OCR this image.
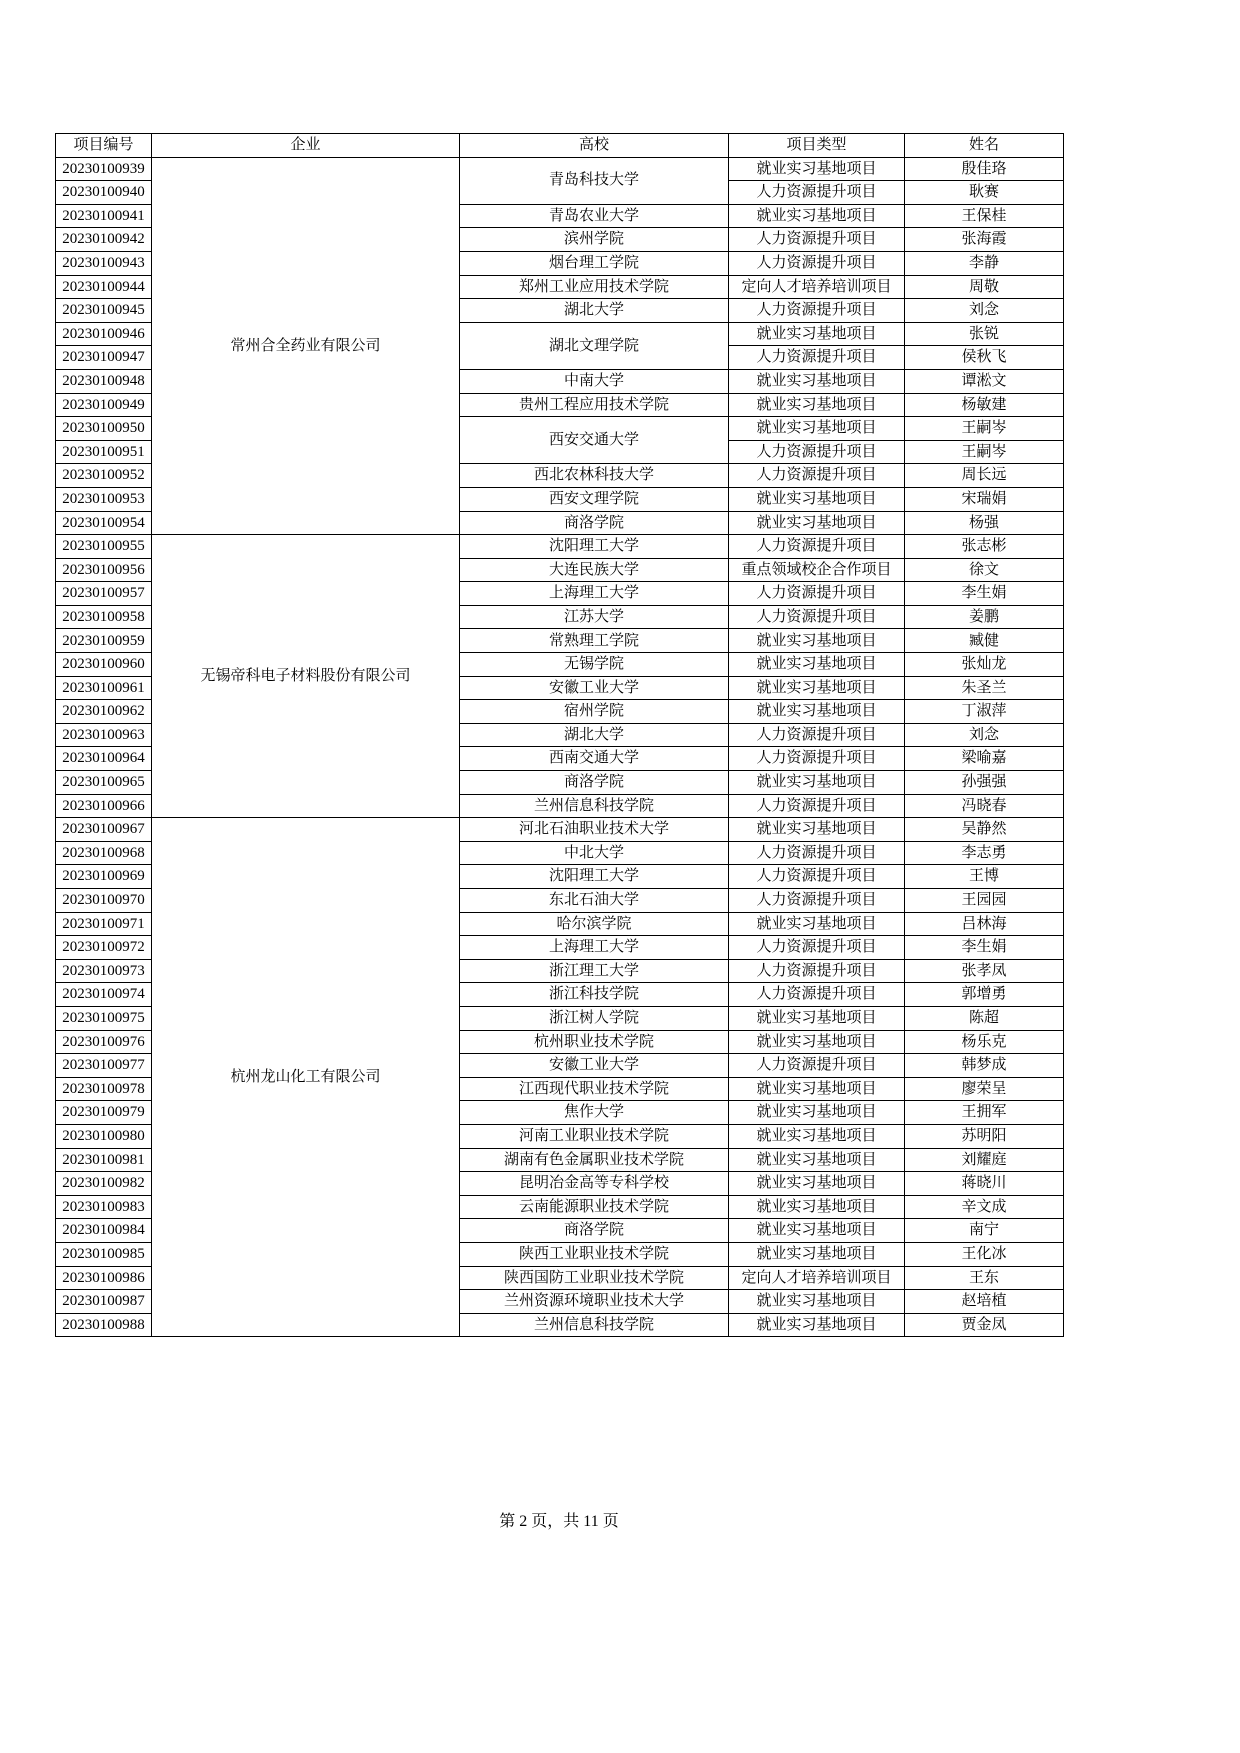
项目编号	企业	高校	项目类型	姓名
20230100939	常州合全药业有限公司	青岛科技大学	就业实习基地项目	殷佳珞
20230100940			人力资源提升项目	耿赛
20230100941		青岛农业大学	就业实习基地项目	王保桂
20230100942		滨州学院	人力资源提升项目	张海霞
20230100943		烟台理工学院	人力资源提升项目	李静
20230100944		郑州工业应用技术学院	定向人才培养培训项目	周敬
20230100945		湖北大学	人力资源提升项目	刘念
20230100946		湖北文理学院	就业实习基地项目	张锐
20230100947			人力资源提升项目	侯秋飞
20230100948		中南大学	就业实习基地项目	谭淞文
20230100949		贵州工程应用技术学院	就业实习基地项目	杨敏建
20230100950		西安交通大学	就业实习基地项目	王嗣岑
20230100951			人力资源提升项目	王嗣岑
20230100952		西北农林科技大学	人力资源提升项目	周长远
20230100953		西安文理学院	就业实习基地项目	宋瑞娟
20230100954		商洛学院	就业实习基地项目	杨强
20230100955	无锡帝科电子材料股份有限公司	沈阳理工大学	人力资源提升项目	张志彬
20230100956		大连民族大学	重点领域校企合作项目	徐文
20230100957		上海理工大学	人力资源提升项目	李生娟
20230100958		江苏大学	人力资源提升项目	姜鹏
20230100959		常熟理工学院	就业实习基地项目	臧健
20230100960		无锡学院	就业实习基地项目	张灿龙
20230100961		安徽工业大学	就业实习基地项目	朱圣兰
20230100962		宿州学院	就业实习基地项目	丁淑萍
20230100963		湖北大学	人力资源提升项目	刘念
20230100964		西南交通大学	人力资源提升项目	梁喻嘉
20230100965		商洛学院	就业实习基地项目	孙强强
20230100966		兰州信息科技学院	人力资源提升项目	冯晓春
20230100967	杭州龙山化工有限公司	河北石油职业技术大学	就业实习基地项目	吴静然
20230100968		中北大学	人力资源提升项目	李志勇
20230100969		沈阳理工大学	人力资源提升项目	王博
20230100970		东北石油大学	人力资源提升项目	王园园
20230100971		哈尔滨学院	就业实习基地项目	吕林海
20230100972		上海理工大学	人力资源提升项目	李生娟
20230100973		浙江理工大学	人力资源提升项目	张孝凤
20230100974		浙江科技学院	人力资源提升项目	郭增勇
20230100975		浙江树人学院	就业实习基地项目	陈超
20230100976		杭州职业技术学院	就业实习基地项目	杨乐克
20230100977		安徽工业大学	人力资源提升项目	韩梦成
20230100978		江西现代职业技术学院	就业实习基地项目	廖荣呈
20230100979		焦作大学	就业实习基地项目	王拥军
20230100980		河南工业职业技术学院	就业实习基地项目	苏明阳
20230100981		湖南有色金属职业技术学院	就业实习基地项目	刘耀庭
20230100982		昆明冶金高等专科学校	就业实习基地项目	蒋晓川
20230100983		云南能源职业技术学院	就业实习基地项目	辛文成
20230100984		商洛学院	就业实习基地项目	南宁
20230100985		陕西工业职业技术学院	就业实习基地项目	王化冰
20230100986		陕西国防工业职业技术学院	定向人才培养培训项目	王东
20230100987		兰州资源环境职业技术大学	就业实习基地项目	赵培植
20230100988		兰州信息科技学院	就业实习基地项目	贾金凤
第 2 页，共 11 页
